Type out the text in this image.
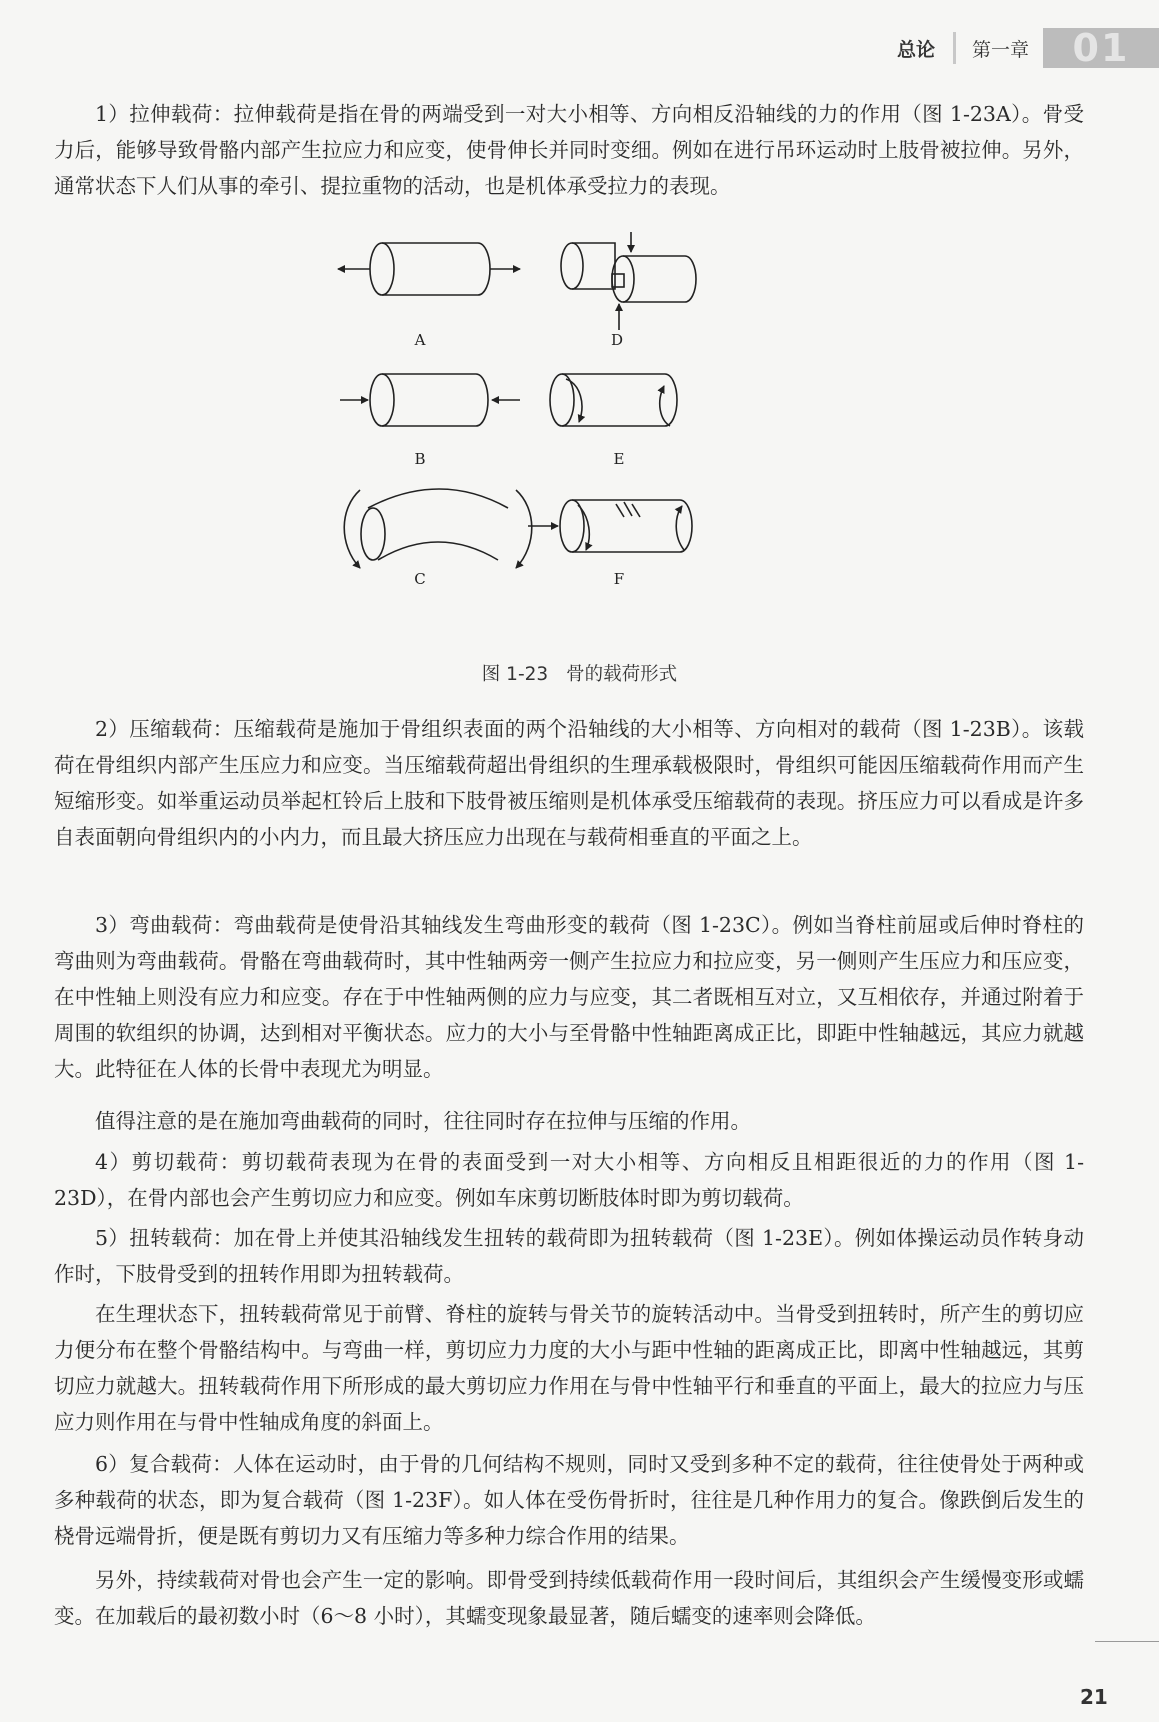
总论 第一章 01

1）拉伸载荷：拉伸载荷是指在骨的两端受到一对大小相等、方向相反沿轴线的力的作用（图 1-23A）。骨受力后，能够导致骨骼内部产生拉应力和应变，使骨伸长并同时变细。例如在进行吊环运动时上肢骨被拉伸。另外，通常状态下人们从事的牵引、提拉重物的活动，也是机体承受拉力的表现。

A	D
B	E
C	F
图 1-23 骨的载荷形式

2）压缩载荷：压缩载荷是施加于骨组织表面的两个沿轴线的大小相等、方向相对的载荷（图 1-23B）。该载荷在骨组织内部产生压应力和应变。当压缩载荷超出骨组织的生理承载极限时，骨组织可能因压缩载荷作用而产生短缩形变。如举重运动员举起杠铃后上肢和下肢骨被压缩则是机体承受压缩载荷的表现。挤压应力可以看成是许多自表面朝向骨组织内的小内力，而且最大挤压应力出现在与载荷相垂直的平面之上。

3）弯曲载荷：弯曲载荷是使骨沿其轴线发生弯曲形变的载荷（图 1-23C）。例如当脊柱前屈或后伸时脊柱的弯曲则为弯曲载荷。骨骼在弯曲载荷时，其中性轴两旁一侧产生拉应力和拉应变，另一侧则产生压应力和压应变，在中性轴上则没有应力和应变。存在于中性轴两侧的应力与应变，其二者既相互对立，又互相依存，并通过附着于周围的软组织的协调，达到相对平衡状态。应力的大小与至骨骼中性轴距离成正比，即距中性轴越远，其应力就越大。此特征在人体的长骨中表现尤为明显。

值得注意的是在施加弯曲载荷的同时，往往同时存在拉伸与压缩的作用。

4）剪切载荷：剪切载荷表现为在骨的表面受到一对大小相等、方向相反且相距很近的力的作用（图 1-23D），在骨内部也会产生剪切应力和应变。例如车床剪切断肢体时即为剪切载荷。

5）扭转载荷：加在骨上并使其沿轴线发生扭转的载荷即为扭转载荷（图 1-23E）。例如体操运动员作转身动作时，下肢骨受到的扭转作用即为扭转载荷。

在生理状态下，扭转载荷常见于前臂、脊柱的旋转与骨关节的旋转活动中。当骨受到扭转时，所产生的剪切应力便分布在整个骨骼结构中。与弯曲一样，剪切应力力度的大小与距中性轴的距离成正比，即离中性轴越远，其剪切应力就越大。扭转载荷作用下所形成的最大剪切应力作用在与骨中性轴平行和垂直的平面上，最大的拉应力与压应力则作用在与骨中性轴成角度的斜面上。

6）复合载荷：人体在运动时，由于骨的几何结构不规则，同时又受到多种不定的载荷，往往使骨处于两种或多种载荷的状态，即为复合载荷（图 1-23F）。如人体在受伤骨折时，往往是几种作用力的复合。像跌倒后发生的桡骨远端骨折，便是既有剪切力又有压缩力等多种力综合作用的结果。

另外，持续载荷对骨也会产生一定的影响。即骨受到持续低载荷作用一段时间后，其组织会产生缓慢变形或蠕变。在加载后的最初数小时（6～8 小时），其蠕变现象最显著，随后蠕变的速率则会降低。

21
